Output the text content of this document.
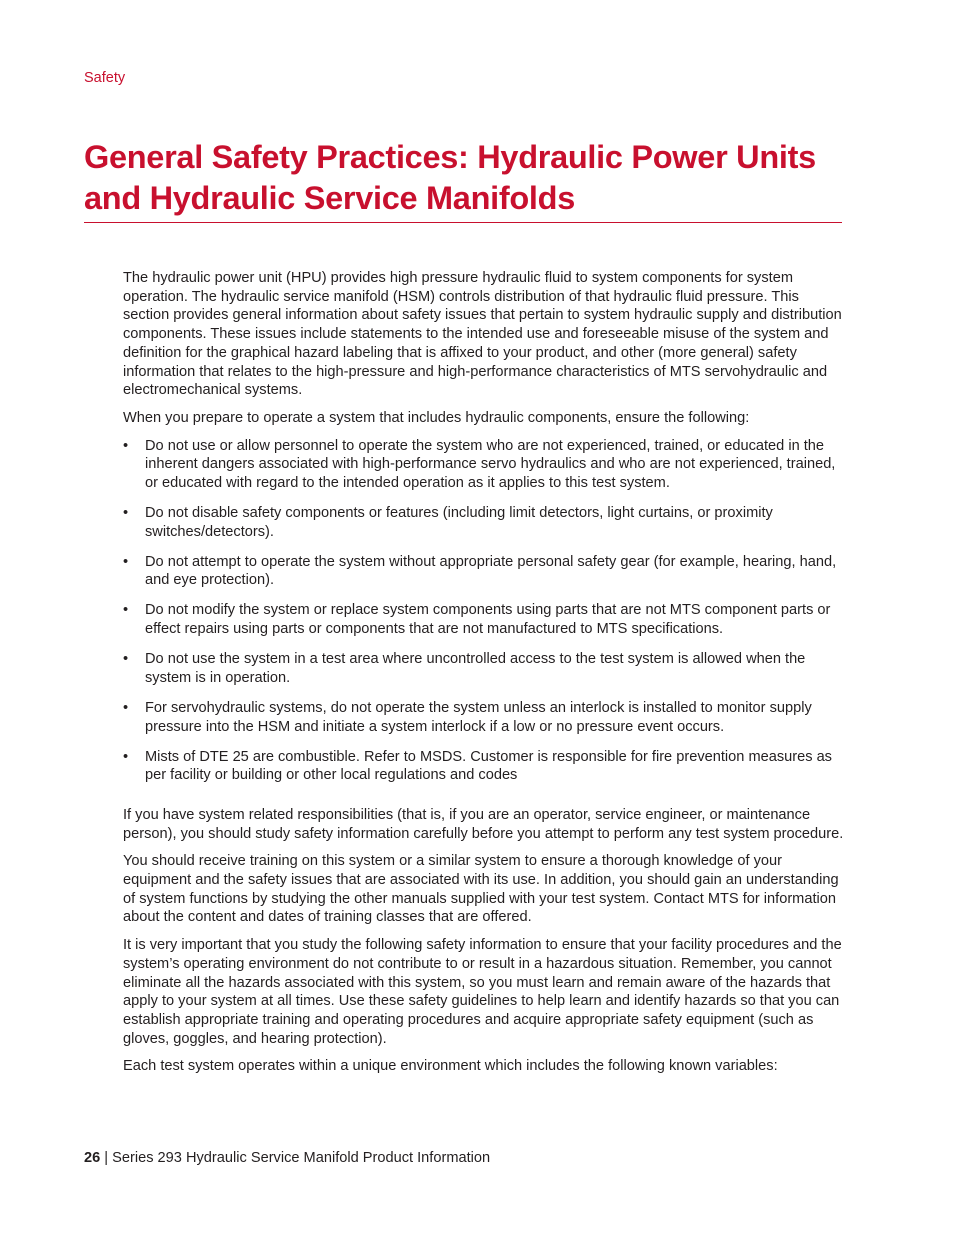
Safety
General Safety Practices: Hydraulic Power Units and Hydraulic Service Manifolds

The hydraulic power unit (HPU) provides high pressure hydraulic fluid to system components for system operation. The hydraulic service manifold (HSM) controls distribution of that hydraulic fluid pressure. This section provides general information about safety issues that pertain to system hydraulic supply and distribution components. These issues include statements to the intended use and foreseeable misuse of the system and definition for the graphical hazard labeling that is affixed to your product, and other (more general) safety information that relates to the high-pressure and high-performance characteristics of MTS servohydraulic and electromechanical systems.

When you prepare to operate a system that includes hydraulic components, ensure the following:

• Do not use or allow personnel to operate the system who are not experienced, trained, or educated in the inherent dangers associated with high-performance servo hydraulics and who are not experienced, trained, or educated with regard to the intended operation as it applies to this test system.
• Do not disable safety components or features (including limit detectors, light curtains, or proximity switches/detectors).
• Do not attempt to operate the system without appropriate personal safety gear (for example, hearing, hand, and eye protection).
• Do not modify the system or replace system components using parts that are not MTS component parts or effect repairs using parts or components that are not manufactured to MTS specifications.
• Do not use the system in a test area where uncontrolled access to the test system is allowed when the system is in operation.
• For servohydraulic systems, do not operate the system unless an interlock is installed to monitor supply pressure into the HSM and initiate a system interlock if a low or no pressure event occurs.
• Mists of DTE 25 are combustible. Refer to MSDS. Customer is responsible for fire prevention measures as per facility or building or other local regulations and codes

If you have system related responsibilities (that is, if you are an operator, service engineer, or maintenance person), you should study safety information carefully before you attempt to perform any test system procedure.

You should receive training on this system or a similar system to ensure a thorough knowledge of your equipment and the safety issues that are associated with its use. In addition, you should gain an understanding of system functions by studying the other manuals supplied with your test system. Contact MTS for information about the content and dates of training classes that are offered.

It is very important that you study the following safety information to ensure that your facility procedures and the system’s operating environment do not contribute to or result in a hazardous situation. Remember, you cannot eliminate all the hazards associated with this system, so you must learn and remain aware of the hazards that apply to your system at all times. Use these safety guidelines to help learn and identify hazards so that you can establish appropriate training and operating procedures and acquire appropriate safety equipment (such as gloves, goggles, and hearing protection).

Each test system operates within a unique environment which includes the following known variables:

26 | Series 293 Hydraulic Service Manifold Product Information
